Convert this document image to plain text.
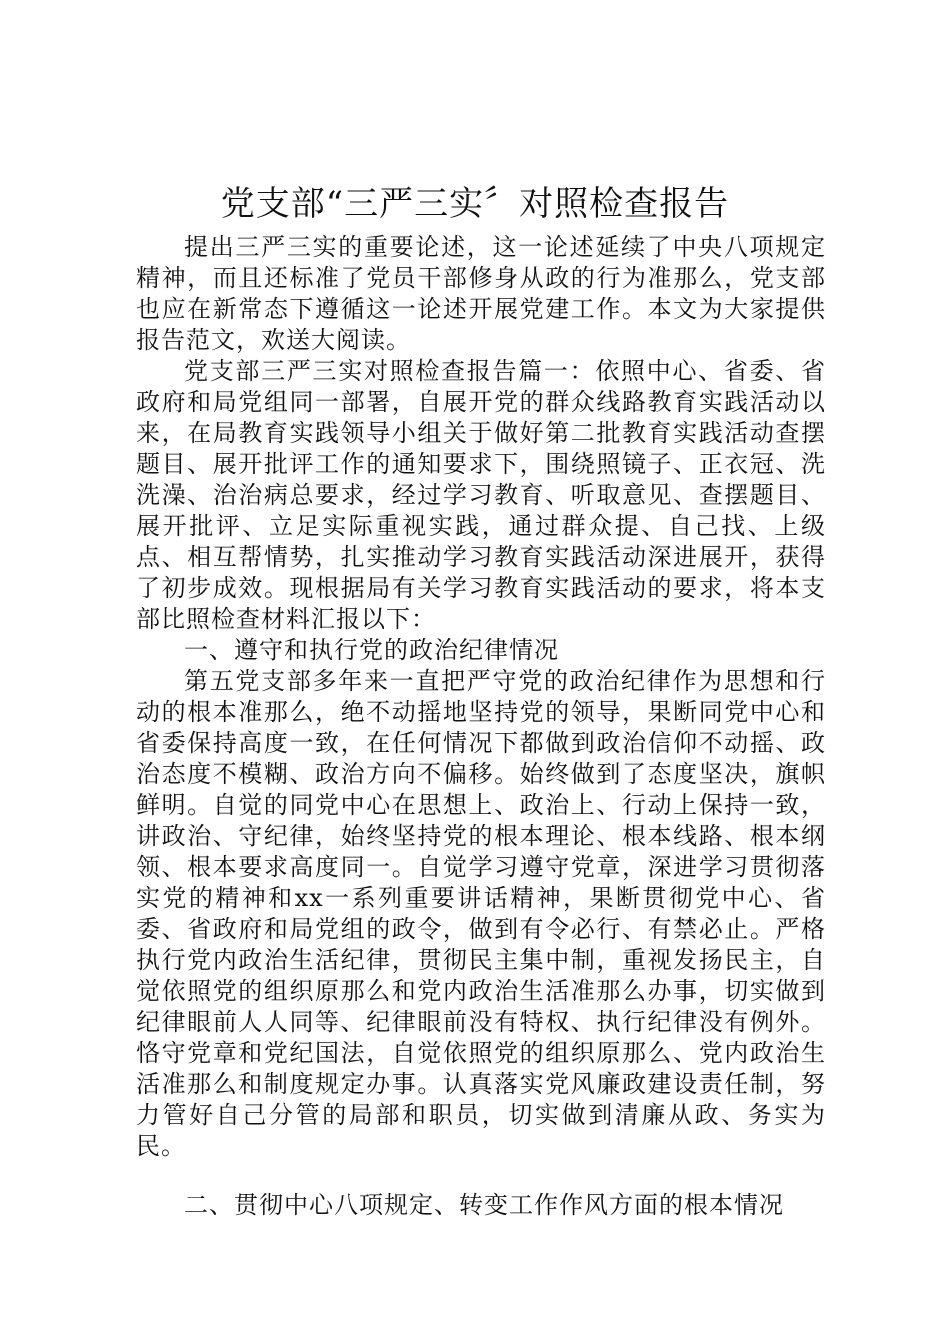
党支部“三严三实〞对照检查报告

提出三严三实的重要论述，这一论述延续了中央八项规定精神，而且还标准了党员干部修身从政的行为准那么，党支部也应在新常态下遵循这一论述开展党建工作。本文为大家提供报告范文，欢送大阅读。

党支部三严三实对照检查报告篇一：依照中心、省委、省政府和局党组同一部署，自展开党的群众线路教育实践活动以来，在局教育实践领导小组关于做好第二批教育实践活动查摆题目、展开批评工作的通知要求下，围绕照镜子、正衣冠、洗洗澡、治治病总要求，经过学习教育、听取意见、查摆题目、展开批评、立足实际重视实践，通过群众提、自己找、上级点、相互帮情势，扎实推动学习教育实践活动深进展开，获得了初步成效。现根据局有关学习教育实践活动的要求，将本支部比照检查材料汇报以下：

一、遵守和执行党的政治纪律情况

第五党支部多年来一直把严守党的政治纪律作为思想和行动的根本准那么，绝不动摇地坚持党的领导，果断同党中心和省委保持高度一致，在任何情况下都做到政治信仰不动摇、政治态度不模糊、政治方向不偏移。始终做到了态度坚决，旗帜鲜明。自觉的同党中心在思想上、政治上、行动上保持一致，讲政治、守纪律，始终坚持党的根本理论、根本线路、根本纲领、根本要求高度同一。自觉学习遵守党章，深进学习贯彻落实党的精神和xx一系列重要讲话精神，果断贯彻党中心、省委、省政府和局党组的政令，做到有令必行、有禁必止。严格执行党内政治生活纪律，贯彻民主集中制，重视发扬民主，自觉依照党的组织原那么和党内政治生活准那么办事，切实做到纪律眼前人人同等、纪律眼前没有特权、执行纪律没有例外。恪守党章和党纪国法，自觉依照党的组织原那么、党内政治生活准那么和制度规定办事。认真落实党风廉政建设责任制，努力管好自己分管的局部和职员，切实做到清廉从政、务实为民。

二、贯彻中心八项规定、转变工作作风方面的根本情况
